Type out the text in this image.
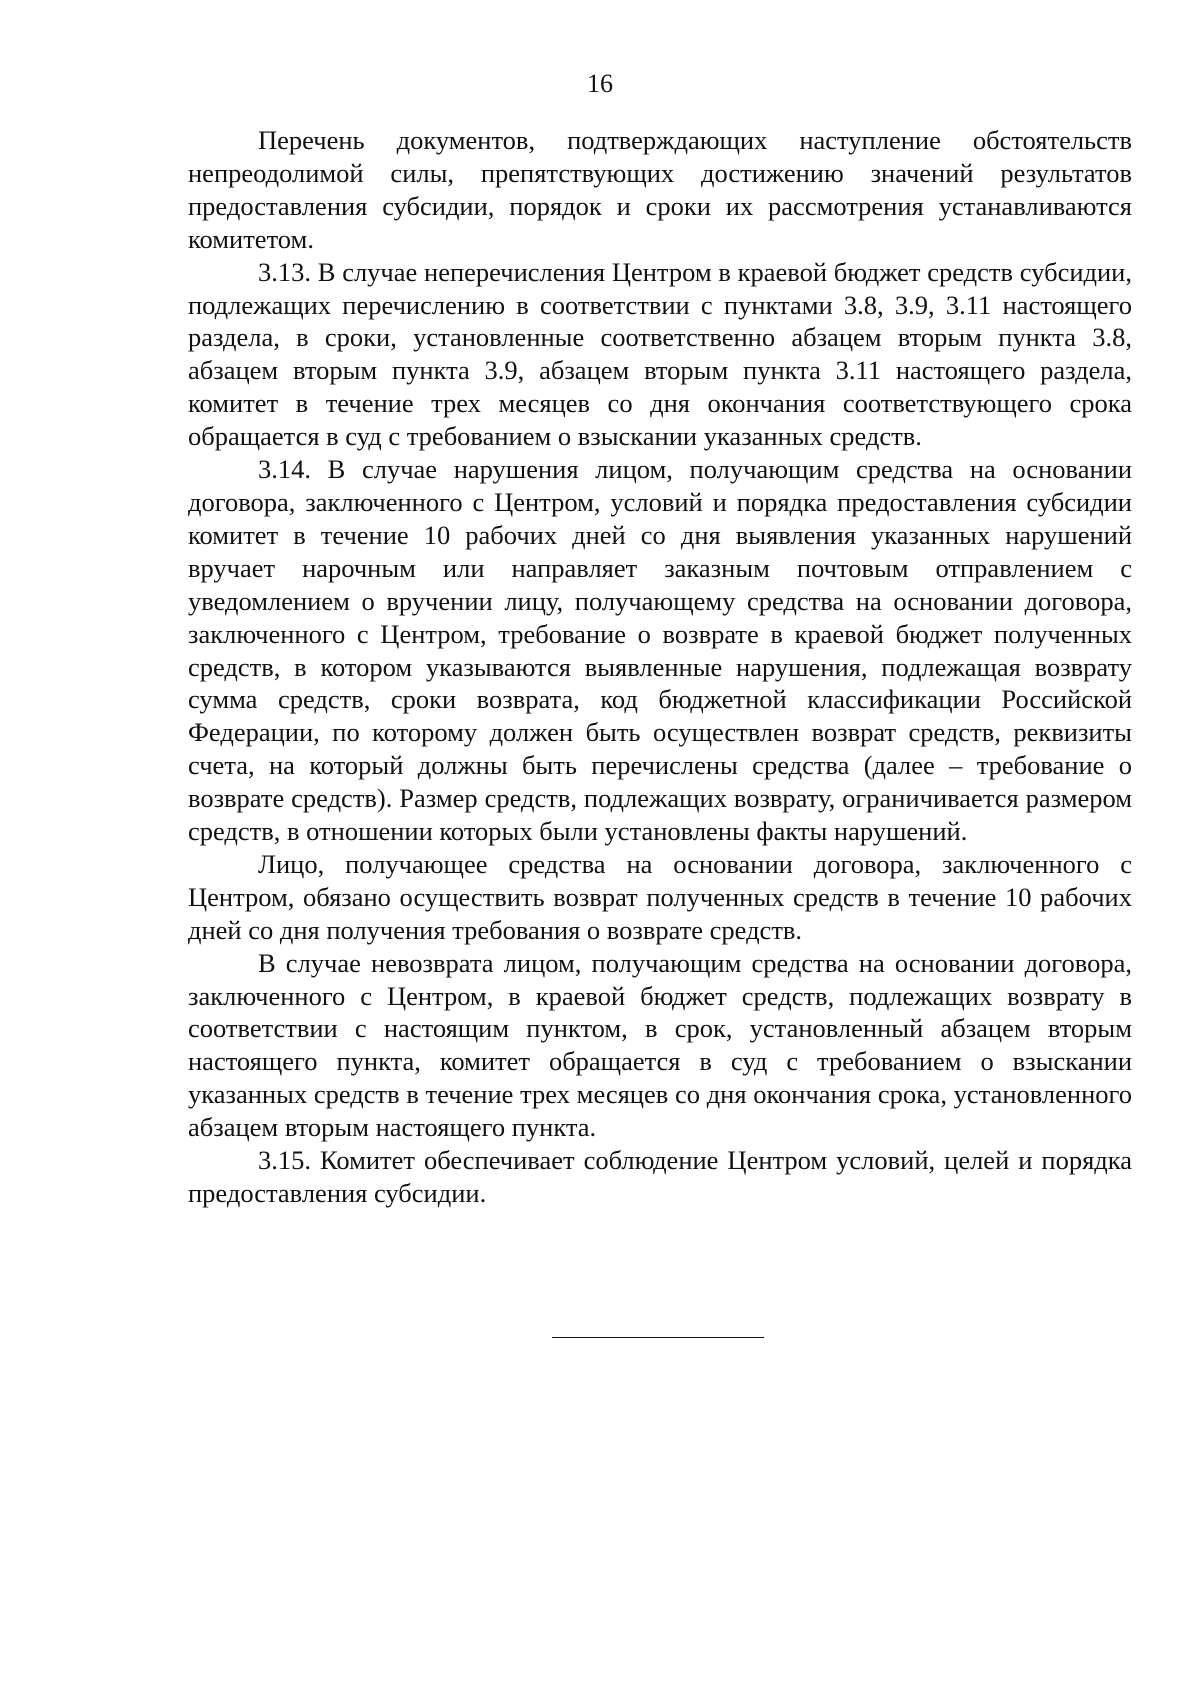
16

Перечень документов, подтверждающих наступление обстоятельств непреодолимой силы, препятствующих достижению значений результатов предоставления субсидии, порядок и сроки их рассмотрения устанавливаются комитетом.

3.13. В случае неперечисления Центром в краевой бюджет средств субсидии, подлежащих перечислению в соответствии с пунктами 3.8, 3.9, 3.11 настоящего раздела, в сроки, установленные соответственно абзацем вторым пункта 3.8, абзацем вторым пункта 3.9, абзацем вторым пункта 3.11 настоящего раздела, комитет в течение трех месяцев со дня окончания соответствующего срока обращается в суд с требованием о взыскании указанных средств.

3.14. В случае нарушения лицом, получающим средства на основании договора, заключенного с Центром, условий и порядка предоставления субсидии комитет в течение 10 рабочих дней со дня выявления указанных нарушений вручает нарочным или направляет заказным почтовым отправлением с уведомлением о вручении лицу, получающему средства на основании договора, заключенного с Центром, требование о возврате в краевой бюджет полученных средств, в котором указываются выявленные нарушения, подлежащая возврату сумма средств, сроки возврата, код бюджетной классификации Российской Федерации, по которому должен быть осуществлен возврат средств, реквизиты счета, на который должны быть перечислены средства (далее – требование о возврате средств). Размер средств, подлежащих возврату, ограничивается размером средств, в отношении которых были установлены факты нарушений.

Лицо, получающее средства на основании договора, заключенного с Центром, обязано осуществить возврат полученных средств в течение 10 рабочих дней со дня получения требования о возврате средств.

В случае невозврата лицом, получающим средства на основании договора, заключенного с Центром, в краевой бюджет средств, подлежащих возврату в соответствии с настоящим пунктом, в срок, установленный абзацем вторым настоящего пункта, комитет обращается в суд с требованием о взыскании указанных средств в течение трех месяцев со дня окончания срока, установленного абзацем вторым настоящего пункта.

3.15. Комитет обеспечивает соблюдение Центром условий, целей и порядка предоставления субсидии.
